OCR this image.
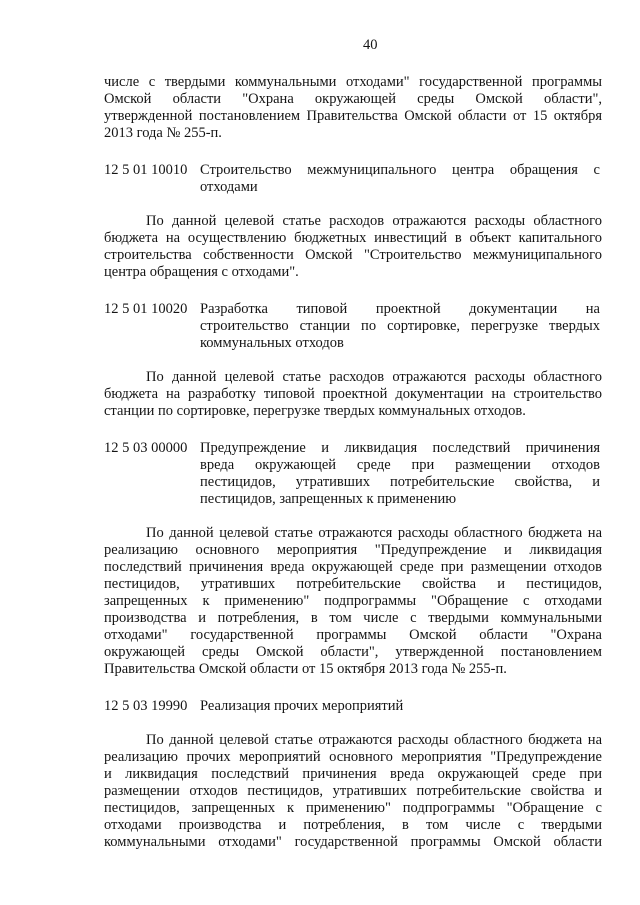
40
числе с твердыми коммунальными отходами" государственной программы
Омской области "Охрана окружающей среды Омской области",
утвержденной постановлением Правительства Омской области от 15 октября
2013 года № 255-п.
12 5 01 10010 Строительство межмуниципального центра обращения с
отходами
По данной целевой статье расходов отражаются расходы областного
бюджета на осуществлению бюджетных инвестиций в объект капитального
строительства собственности Омской "Строительство межмуниципального
центра обращения с отходами".
12 5 01 10020 Разработка типовой проектной документации на
строительство станции по сортировке, перегрузке твердых
коммунальных отходов
По данной целевой статье расходов отражаются расходы областного
бюджета на разработку типовой проектной документации на строительство
станции по сортировке, перегрузке твердых коммунальных отходов.
12 5 03 00000 Предупреждение и ликвидация последствий причинения
вреда окружающей среде при размещении отходов
пестицидов, утративших потребительские свойства, и
пестицидов, запрещенных к применению
По данной целевой статье отражаются расходы областного бюджета на
реализацию основного мероприятия "Предупреждение и ликвидация
последствий причинения вреда окружающей среде при размещении отходов
пестицидов, утративших потребительские свойства и пестицидов,
запрещенных к применению" подпрограммы "Обращение с отходами
производства и потребления, в том числе с твердыми коммунальными
отходами" государственной программы Омской области "Охрана
окружающей среды Омской области", утвержденной постановлением
Правительства Омской области от 15 октября 2013 года № 255-п.
12 5 03 19990 Реализация прочих мероприятий
По данной целевой статье отражаются расходы областного бюджета на
реализацию прочих мероприятий основного мероприятия "Предупреждение
и ликвидация последствий причинения вреда окружающей среде при
размещении отходов пестицидов, утративших потребительские свойства и
пестицидов, запрещенных к применению" подпрограммы "Обращение с
отходами производства и потребления, в том числе с твердыми
коммунальными отходами" государственной программы Омской области
